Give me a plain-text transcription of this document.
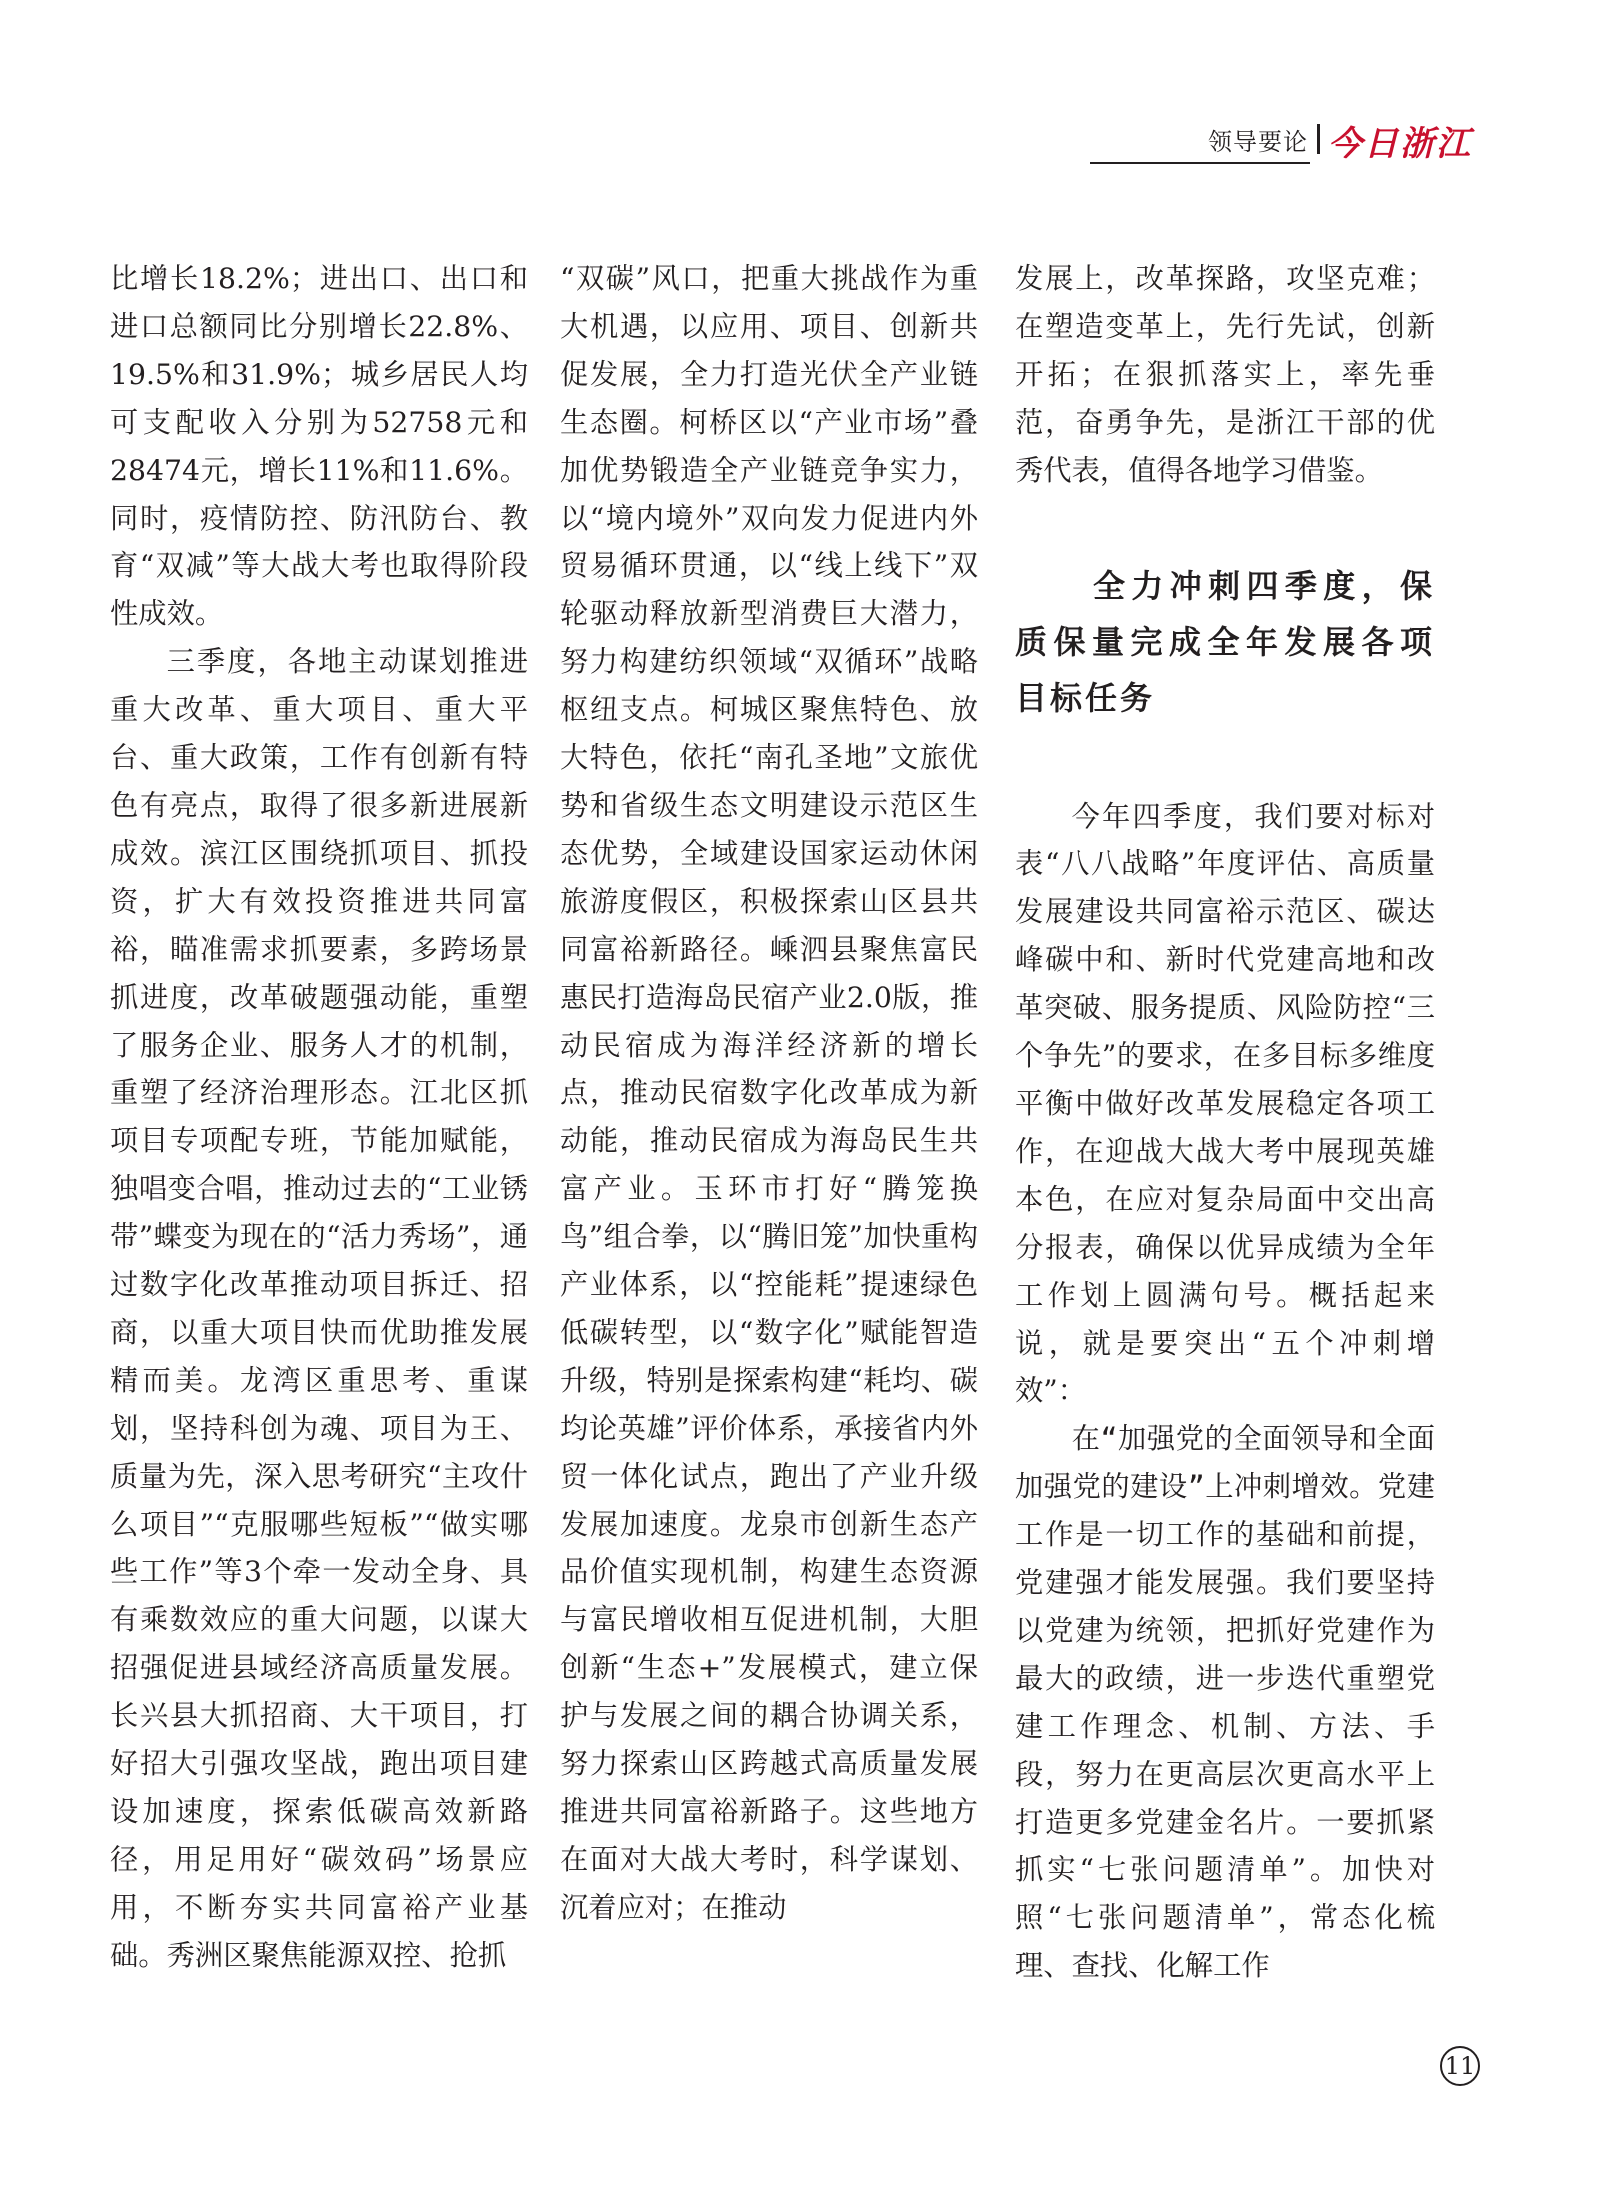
领导要论 今日浙江

比增长18.2%；进出口、出口和进口总额同比分别增长22.8%、19.5%和31.9%；城乡居民人均可支配收入分别为52758元和28474元，增长11%和11.6%。同时，疫情防控、防汛防台、教育“双减”等大战大考也取得阶段性成效。

三季度，各地主动谋划推进重大改革、重大项目、重大平台、重大政策，工作有创新有特色有亮点，取得了很多新进展新成效。滨江区围绕抓项目、抓投资，扩大有效投资推进共同富裕，瞄准需求抓要素，多跨场景抓进度，改革破题强动能，重塑了服务企业、服务人才的机制，重塑了经济治理形态。江北区抓项目专项配专班，节能加赋能，独唱变合唱，推动过去的“工业锈带”蝶变为现在的“活力秀场”，通过数字化改革推动项目拆迁、招商，以重大项目快而优助推发展精而美。龙湾区重思考、重谋划，坚持科创为魂、项目为王、质量为先，深入思考研究“主攻什么项目”“克服哪些短板”“做实哪些工作”等3个牵一发动全身、具有乘数效应的重大问题，以谋大招强促进县域经济高质量发展。长兴县大抓招商、大干项目，打好招大引强攻坚战，跑出项目建设加速度，探索低碳高效新路径，用足用好“碳效码”场景应用，不断夯实共同富裕产业基础。秀洲区聚焦能源双控、抢抓

“双碳”风口，把重大挑战作为重大机遇，以应用、项目、创新共促发展，全力打造光伏全产业链生态圈。柯桥区以“产业市场”叠加优势锻造全产业链竞争实力，以“境内境外”双向发力促进内外贸易循环贯通，以“线上线下”双轮驱动释放新型消费巨大潜力，努力构建纺织领域“双循环”战略枢纽支点。柯城区聚焦特色、放大特色，依托“南孔圣地”文旅优势和省级生态文明建设示范区生态优势，全域建设国家运动休闲旅游度假区，积极探索山区县共同富裕新路径。嵊泗县聚焦富民惠民打造海岛民宿产业2.0版，推动民宿成为海洋经济新的增长点，推动民宿数字化改革成为新动能，推动民宿成为海岛民生共富产业。玉环市打好“腾笼换鸟”组合拳，以“腾旧笼”加快重构产业体系，以“控能耗”提速绿色低碳转型，以“数字化”赋能智造升级，特别是探索构建“耗均、碳均论英雄”评价体系，承接省内外贸一体化试点，跑出了产业升级发展加速度。龙泉市创新生态产品价值实现机制，构建生态资源与富民增收相互促进机制，大胆创新“生态+”发展模式，建立保护与发展之间的耦合协调关系，努力探索山区跨越式高质量发展推进共同富裕新路子。这些地方在面对大战大考时，科学谋划、沉着应对；在推动

发展上，改革探路，攻坚克难；在塑造变革上，先行先试，创新开拓；在狠抓落实上，率先垂范，奋勇争先，是浙江干部的优秀代表，值得各地学习借鉴。

全力冲刺四季度，保质保量完成全年发展各项目标任务

今年四季度，我们要对标对表“八八战略”年度评估、高质量发展建设共同富裕示范区、碳达峰碳中和、新时代党建高地和改革突破、服务提质、风险防控“三个争先”的要求，在多目标多维度平衡中做好改革发展稳定各项工作，在迎战大战大考中展现英雄本色，在应对复杂局面中交出高分报表，确保以优异成绩为全年工作划上圆满句号。概括起来说，就是要突出“五个冲刺增效”：

在“加强党的全面领导和全面加强党的建设”上冲刺增效。党建工作是一切工作的基础和前提，党建强才能发展强。我们要坚持以党建为统领，把抓好党建作为最大的政绩，进一步迭代重塑党建工作理念、机制、方法、手段，努力在更高层次更高水平上打造更多党建金名片。一要抓紧抓实“七张问题清单”。加快对照“七张问题清单”，常态化梳理、查找、化解工作

11
